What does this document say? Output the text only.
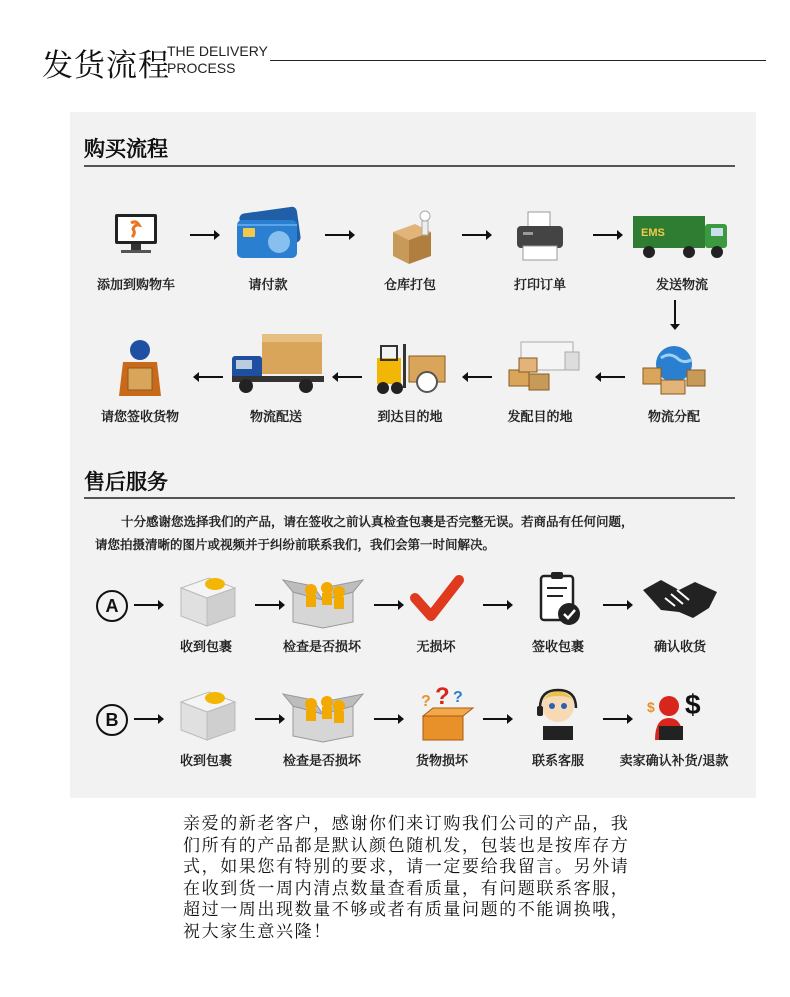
发货流程
THE DELIVERY
PROCESS
购买流程
添加到购物车	请付款	仓库打包	打印订单
EMS
发送物流
请您签收货物	物流配送	到达目的地	发配目的地	物流分配
售后服务

十分感谢您选择我们的产品，请在签收之前认真检查包裹是否完整无误。若商品有任何问题，

请您拍摄清晰的图片或视频并于纠纷前联系我们，我们会第一时间解决。

A
收到包裹	检查是否损坏	无损坏	签收包裹	确认收货
B
收到包裹	检查是否损坏
? ? ?
货物损坏	联系客服
$
$
卖家确认补货/退款
亲爱的新老客户，感谢你们来订购我们公司的产品，我们所有的产品都是默认颜色随机发，包装也是按库存方式，如果您有特别的要求，请一定要给我留言。另外请在收到货一周内清点数量查看质量，有问题联系客服，超过一周出现数量不够或者有质量问题的不能调换哦，祝大家生意兴隆！
